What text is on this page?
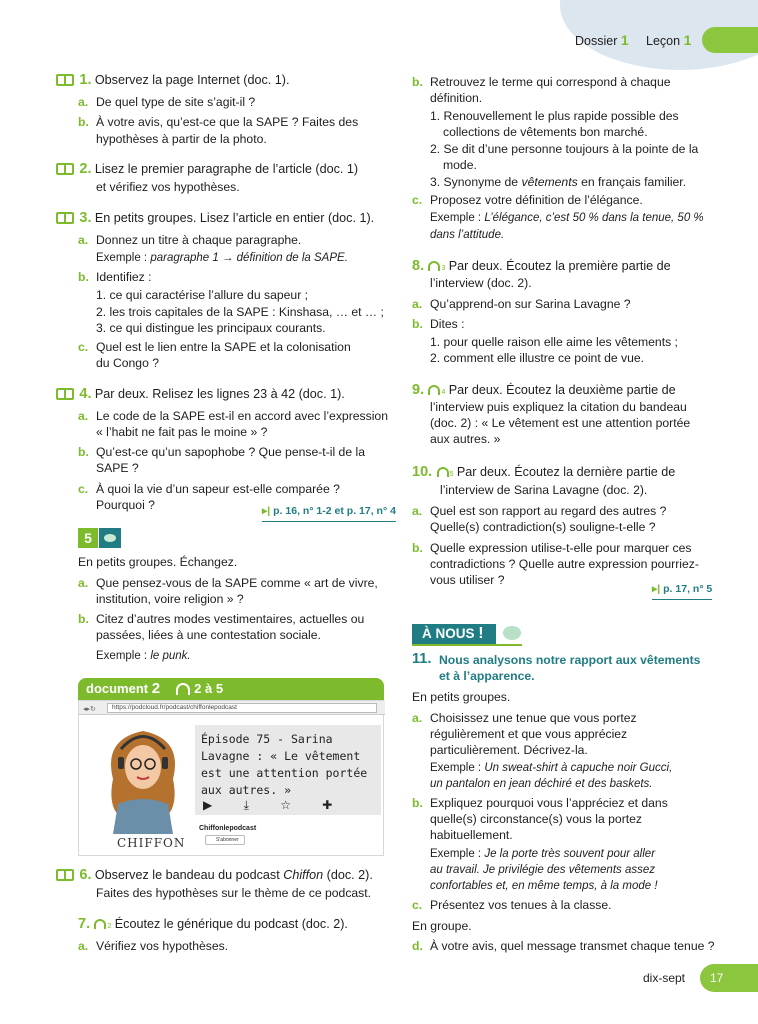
Dossier 1 Leçon 1
1. Observez la page Internet (doc. 1).
a. De quel type de site s’agit-il ?
b. À votre avis, qu’est-ce que la SAPE ? Faites des
hypothèses à partir de la photo.
2. Lisez le premier paragraphe de l’article (doc. 1)
et vérifiez vos hypothèses.
3. En petits groupes. Lisez l’article en entier (doc. 1).
a. Donnez un titre à chaque paragraphe.
Exemple : paragraphe 1 → définition de la SAPE.
b. Identifiez :
1. ce qui caractérise l’allure du sapeur ;
2. les trois capitales de la SAPE : Kinshasa, … et … ;
3. ce qui distingue les principaux courants.
c. Quel est le lien entre la SAPE et la colonisation
du Congo ?
4. Par deux. Relisez les lignes 23 à 42 (doc. 1).
a. Le code de la SAPE est-il en accord avec l’expression
« l’habit ne fait pas le moine » ?
b. Qu’est-ce qu’un sapophobe ? Que pense-t-il de la
SAPE ?
c. À quoi la vie d’un sapeur est-elle comparée ?
Pourquoi ?	▸| p. 16, n° 1-2 et p. 17, n° 4
5
En petits groupes. Échangez.
a. Que pensez-vous de la SAPE comme « art de vivre,
institution, voire religion » ?
b. Citez d’autres modes vestimentaires, actuelles ou
passées, liées à une contestation sociale.
Exemple : le punk.
document 2	2 à 5
◂▸↻	https://podcloud.fr/podcast/chiffonlepodcast
CHIFFON
Épisode 75 - Sarina Lavagne : « Le vêtement est une attention portée aux autres. »
▶ ⤓ ☆ ✚
Chiffonlepodcast
S'abonner
6. Observez le bandeau du podcast Chiffon (doc. 2).
Faites des hypothèses sur le thème de ce podcast.
7. 2 Écoutez le générique du podcast (doc. 2).
a. Vérifiez vos hypothèses.
b. Retrouvez le terme qui correspond à chaque
définition.
1. Renouvellement le plus rapide possible des
collections de vêtements bon marché.
2. Se dit d’une personne toujours à la pointe de la
mode.
3. Synonyme de vêtements en français familier.
c. Proposez votre définition de l’élégance.
Exemple : L’élégance, c’est 50 % dans la tenue, 50 %
dans l’attitude.
8. 3 Par deux. Écoutez la première partie de
l’interview (doc. 2).
a. Qu’apprend-on sur Sarina Lavagne ?
b. Dites :
1. pour quelle raison elle aime les vêtements ;
2. comment elle illustre ce point de vue.
9. 4 Par deux. Écoutez la deuxième partie de
l’interview puis expliquez la citation du bandeau
(doc. 2) : « Le vêtement est une attention portée
aux autres. »
10. 5 Par deux. Écoutez la dernière partie de
l’interview de Sarina Lavagne (doc. 2).
a. Quel est son rapport au regard des autres ?
Quelle(s) contradiction(s) souligne-t-elle ?
b. Quelle expression utilise-t-elle pour marquer ces
contradictions ? Quelle autre expression pourriez-
vous utiliser ?
▸| p. 17, n° 5
À NOUS !
11. Nous analysons notre rapport aux vêtements
et à l’apparence.
En petits groupes.
a. Choisissez une tenue que vous portez
régulièrement et que vous appréciez
particulièrement. Décrivez-la.
Exemple : Un sweat-shirt à capuche noir Gucci,
un pantalon en jean déchiré et des baskets.
b. Expliquez pourquoi vous l’appréciez et dans
quelle(s) circonstance(s) vous la portez
habituellement.
Exemple : Je la porte très souvent pour aller
au travail. Je privilégie des vêtements assez
confortables et, en même temps, à la mode !
c. Présentez vos tenues à la classe.
En groupe.
d. À votre avis, quel message transmet chaque tenue ?
dix-sept	17
